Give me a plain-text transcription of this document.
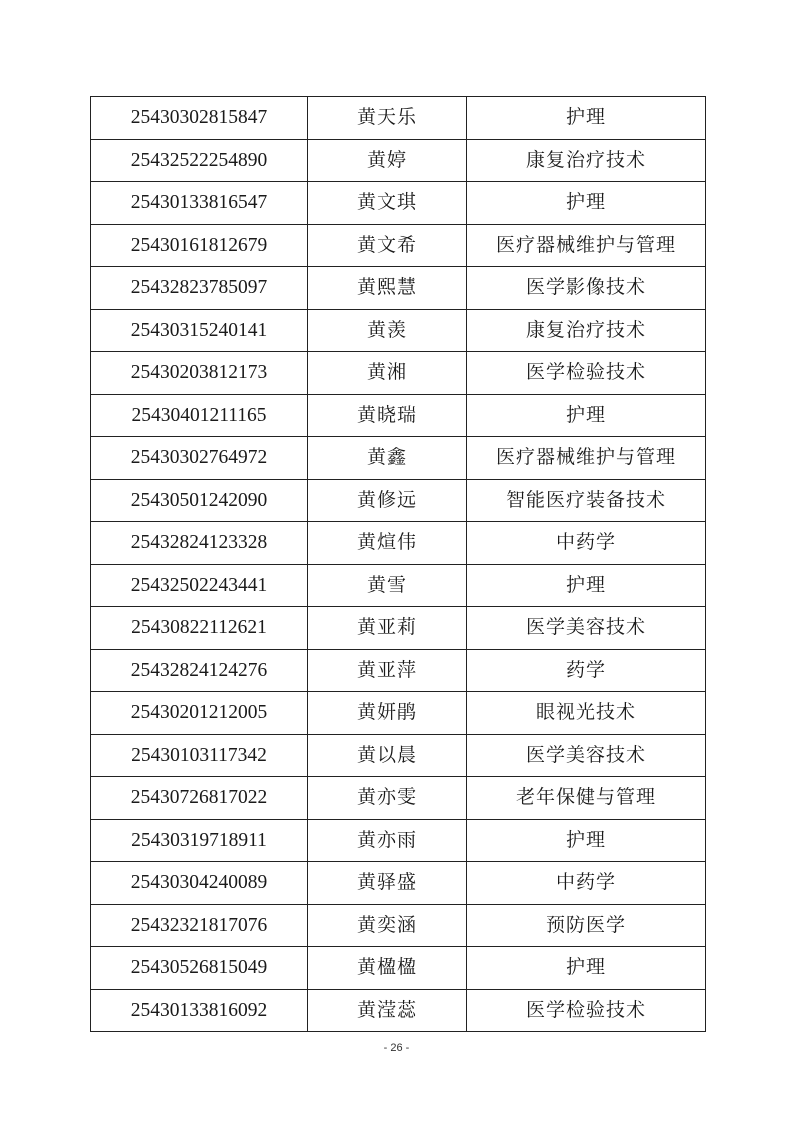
25430302815847	黄天乐	护理
25432522254890	黄婷	康复治疗技术
25430133816547	黄文琪	护理
25430161812679	黄文希	医疗器械维护与管理
25432823785097	黄熙慧	医学影像技术
25430315240141	黄羡	康复治疗技术
25430203812173	黄湘	医学检验技术
25430401211165	黄晓瑞	护理
25430302764972	黄鑫	医疗器械维护与管理
25430501242090	黄修远	智能医疗装备技术
25432824123328	黄煊伟	中药学
25432502243441	黄雪	护理
25430822112621	黄亚莉	医学美容技术
25432824124276	黄亚萍	药学
25430201212005	黄妍鹃	眼视光技术
25430103117342	黄以晨	医学美容技术
25430726817022	黄亦雯	老年保健与管理
25430319718911	黄亦雨	护理
25430304240089	黄驿盛	中药学
25432321817076	黄奕涵	预防医学
25430526815049	黄楹楹	护理
25430133816092	黄滢蕊	医学检验技术
- 26 -
